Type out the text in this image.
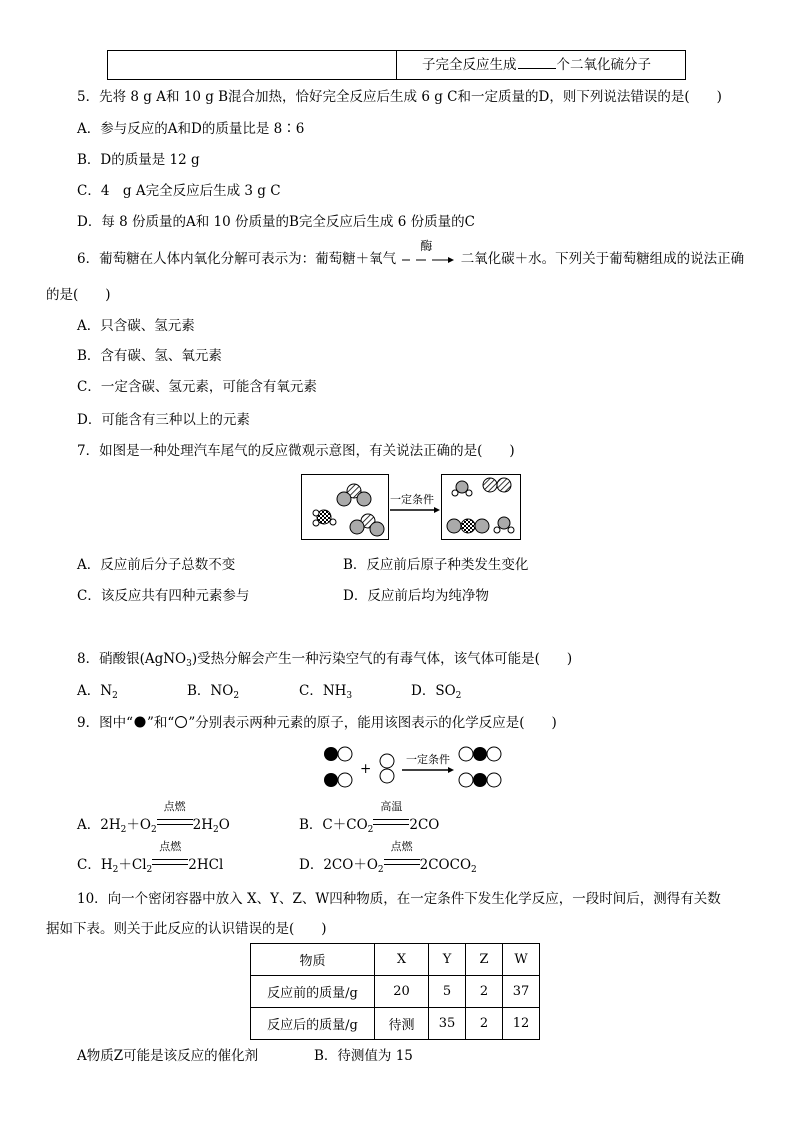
子完全反应生成	个二氧化硫分子
5．先将 8 g A和 10 g B混合加热，恰好完全反应后生成 6 g C和一定质量的D，则下列说法错误的是(　　)
A．参与反应的A和D的质量比是 8∶6
B．D的质量是 12 g
C．4　g A完全反应后生成 3 g C
D．每 8 份质量的A和 10 份质量的B完全反应后生成 6 份质量的C
6．葡萄糖在人体内氧化分解可表示为：葡萄糖＋氧气
酶
二氧化碳＋水。下列关于葡萄糖组成的说法正确
的是(　　)
A．只含碳、氢元素
B．含有碳、氢、氧元素
C．一定含碳、氢元素，可能含有氧元素
D．可能含有三种以上的元素
7．如图是一种处理汽车尾气的反应微观示意图，有关说法正确的是(　　)
一定条件
A．反应前后分子总数不变	B．反应前后原子种类发生变化
C．该反应共有四种元素参与	D．反应前后均为纯净物
8．硝酸银(AgNO$_3$)受热分解会产生一种污染空气的有毒气体，该气体可能是(　　)
A．$N_2$	B．$NO_2$	C．$NH_3$	D．$SO_2$
9．图中“ ”和“ ”分别表示两种元素的原子，能用该图表示的化学反应是(　　)
+
一定条件
A．$2H_2+O_2$
点燃
$2H_2O$	B．$C+CO_2$
高温
2CO
C．$H_2+Cl_2$
点燃
2HCl	D．$2CO+O_2$
点燃
$2COCO_2$
10．向一个密闭容器中放入 X、Y、Z、W四种物质，在一定条件下发生化学反应，一段时间后，测得有关数
据如下表。则关于此反应的认识错误的是(　　)
物质	X	Y	Z	W
反应前的质量/g	20	5	2	37
反应后的质量/g	待测	35	2	12
A物质Z可能是该反应的催化剂	B．待测值为 15
